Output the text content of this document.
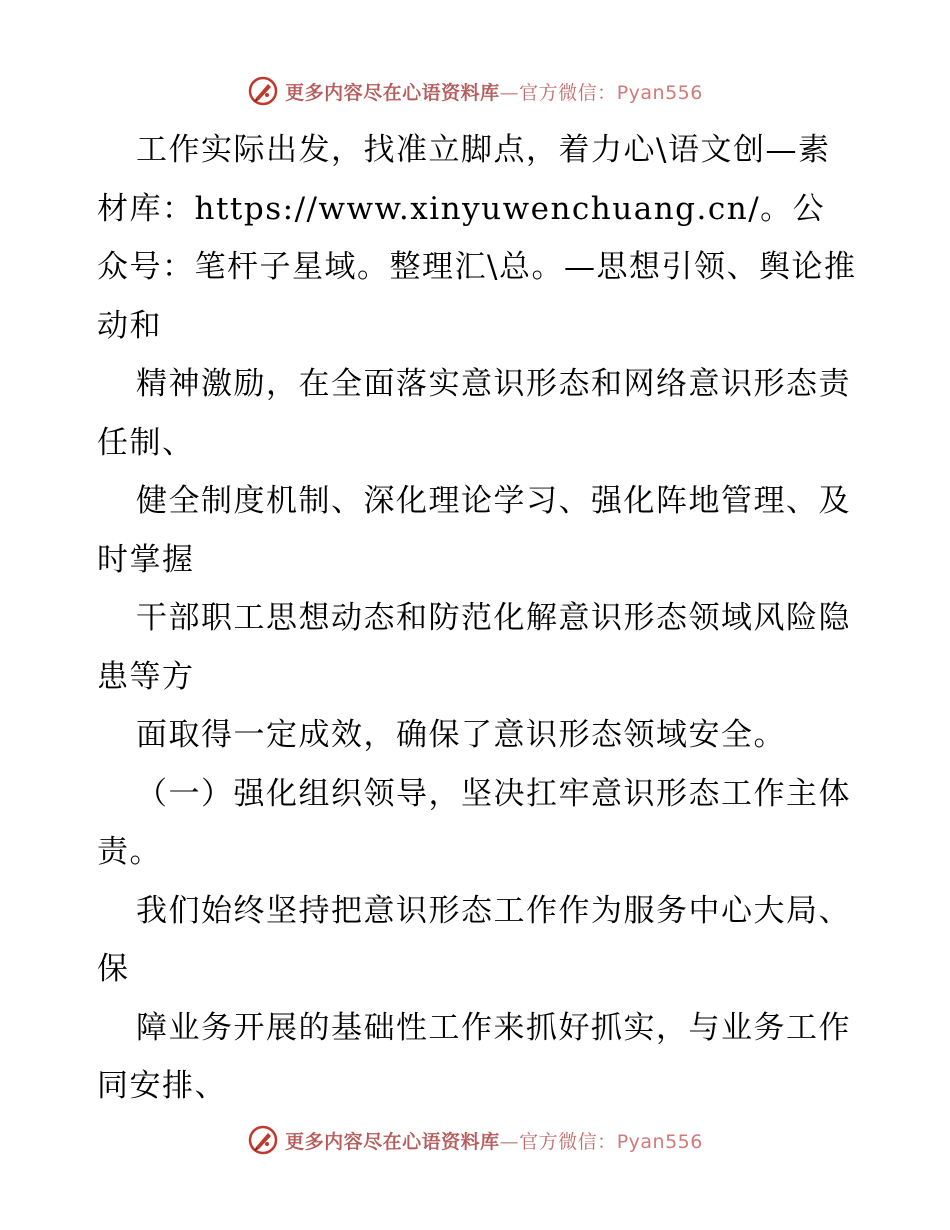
更多内容尽在心语资料库—官方微信：Pyan556

工作实际出发，找准立脚点，着力心\语文创—素材库：https://www.xinyuwenchuang.cn/。公众号：笔杆子星域。整理汇\总。—思想引领、舆论推动和

精神激励，在全面落实意识形态和网络意识形态责任制、

健全制度机制、深化理论学习、强化阵地管理、及时掌握

干部职工思想动态和防范化解意识形态领域风险隐患等方

面取得一定成效，确保了意识形态领域安全。

（一）强化组织领导，坚决扛牢意识形态工作主体责。

我们始终坚持把意识形态工作作为服务中心大局、保

障业务开展的基础性工作来抓好抓实，与业务工作同安排、

更多内容尽在心语资料库—官方微信：Pyan556
